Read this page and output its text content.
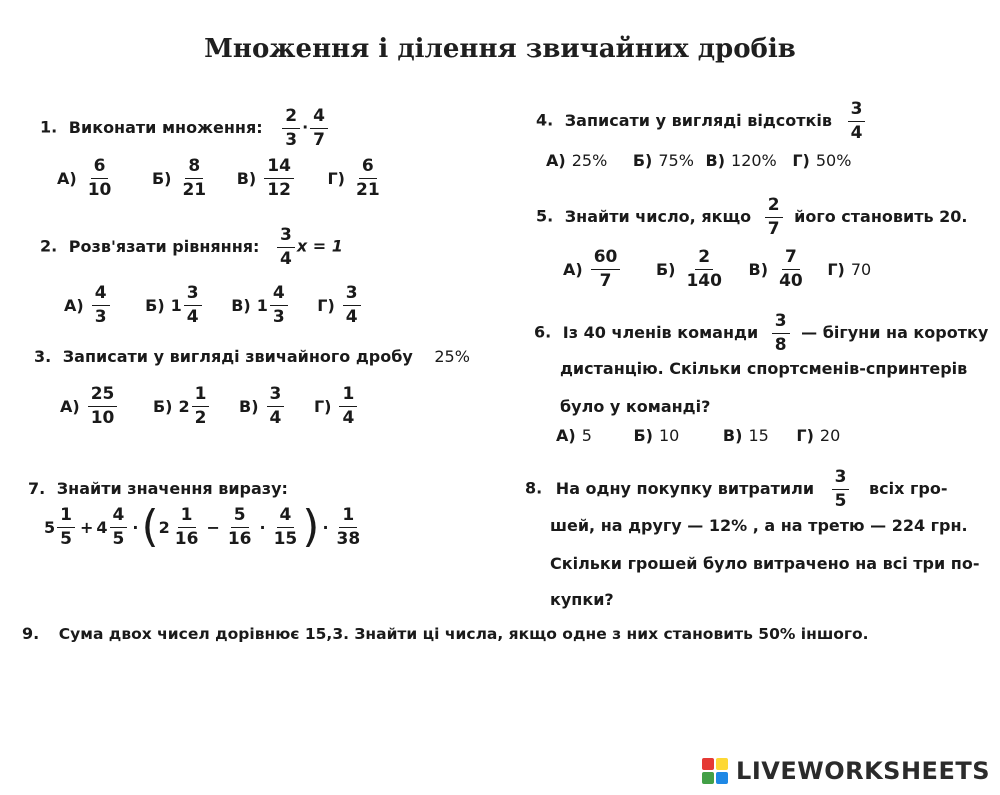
Множення і ділення звичайних дробів
1. Виконати множення: $\frac{2}{3} \cdot \frac{4}{7}$
$А) \frac{6}{10}$
$Б) \frac{8}{21}$
$В) \frac{14}{12}$
$Г) \frac{6}{21}$
2. Розв'язати рівняння: $\frac{3}{4}$ x = 1
$А) \frac{4}{3}$
Б) $1 \frac{3}{4}$
В) $1 \frac{4}{3}$
$Г) \frac{3}{4}$
3. Записати у вигляді звичайного дробу 25%
$А) \frac{25}{10}$
Б) $2 \frac{1}{2}$
$В) \frac{3}{4}$
$Г) \frac{1}{4}$
4. Записати у вигляді відсотків $\frac{3}{4}$
А) 25%
Б) 75%
В) 120%
Г) 50%
5. Знайти число, якщо $\frac{2}{7}$ його становить 20.
$А) \frac{60}{7}$
$Б) \frac{2}{140}$
$В) \frac{7}{40}$
Г) 70
6. Із 40 членів команди $\frac{3}{8}$ — бігуни на коротку
дистанцію. Скільки спортсменів-спринтерів
було у команді?
А) 5
	Б) 10
	В) 15
Г) 20
7. Знайти значення виразу:
$5 \frac{1}{5} + 4 \frac{4}{5}$ · ( $2 \frac{1}{16} - \frac{5}{16} \cdot \frac{4}{15}$ ) · $\frac{1}{38}$
8. На одну покупку витратили $\frac{3}{5}$ всіх гро-
шей, на другу — 12% , а на третю — 224 грн.
Скільки грошей було витрачено на всі три по-
купки?
9. Сума двох чисел дорівнює 15,3. Знайти ці числа, якщо одне з них становить 50% іншого.
LIVEWORKSHEETS
